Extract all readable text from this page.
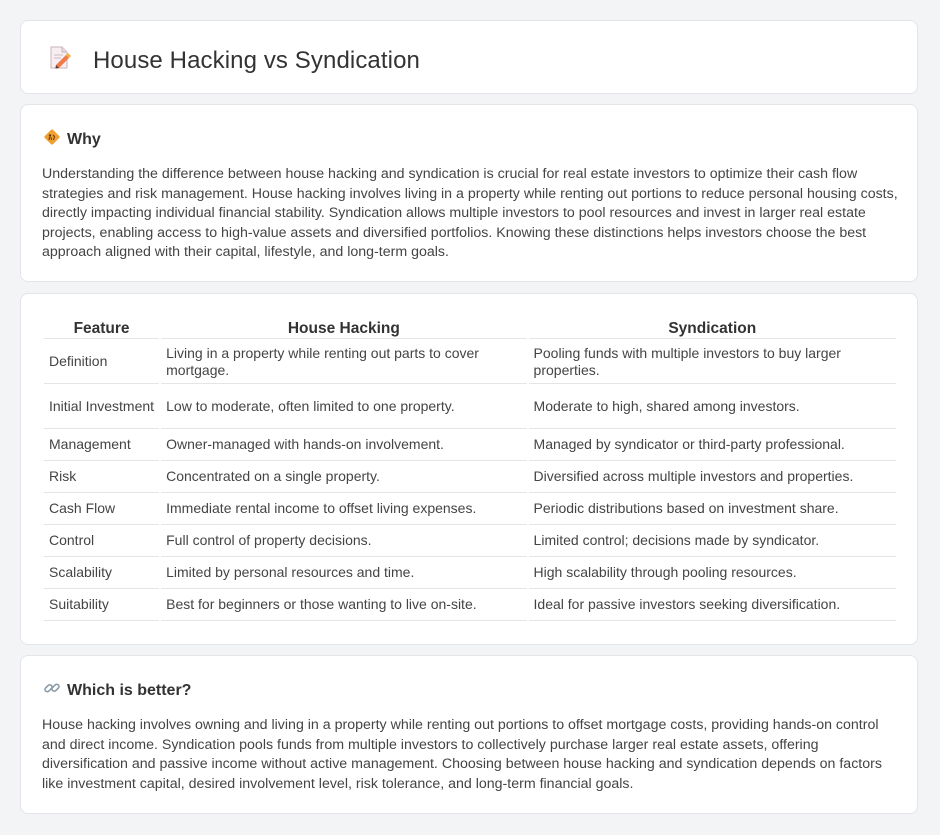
House Hacking vs Syndication
Why

Understanding the difference between house hacking and syndication is crucial for real estate investors to optimize their cash flow strategies and risk management. House hacking involves living in a property while renting out portions to reduce personal housing costs, directly impacting individual financial stability. Syndication allows multiple investors to pool resources and invest in larger real estate projects, enabling access to high-value assets and diversified portfolios. Knowing these distinctions helps investors choose the best approach aligned with their capital, lifestyle, and long-term goals.

Feature	House Hacking	Syndication
Definition	Living in a property while renting out parts to cover mortgage.	Pooling funds with multiple investors to buy larger properties.
Initial Investment	Low to moderate, often limited to one property.	Moderate to high, shared among investors.
Management	Owner-managed with hands-on involvement.	Managed by syndicator or third-party professional.
Risk	Concentrated on a single property.	Diversified across multiple investors and properties.
Cash Flow	Immediate rental income to offset living expenses.	Periodic distributions based on investment share.
Control	Full control of property decisions.	Limited control; decisions made by syndicator.
Scalability	Limited by personal resources and time.	High scalability through pooling resources.
Suitability	Best for beginners or those wanting to live on-site.	Ideal for passive investors seeking diversification.
Which is better?

House hacking involves owning and living in a property while renting out portions to offset mortgage costs, providing hands-on control and direct income. Syndication pools funds from multiple investors to collectively purchase larger real estate assets, offering diversification and passive income without active management. Choosing between house hacking and syndication depends on factors like investment capital, desired involvement level, risk tolerance, and long-term financial goals.
